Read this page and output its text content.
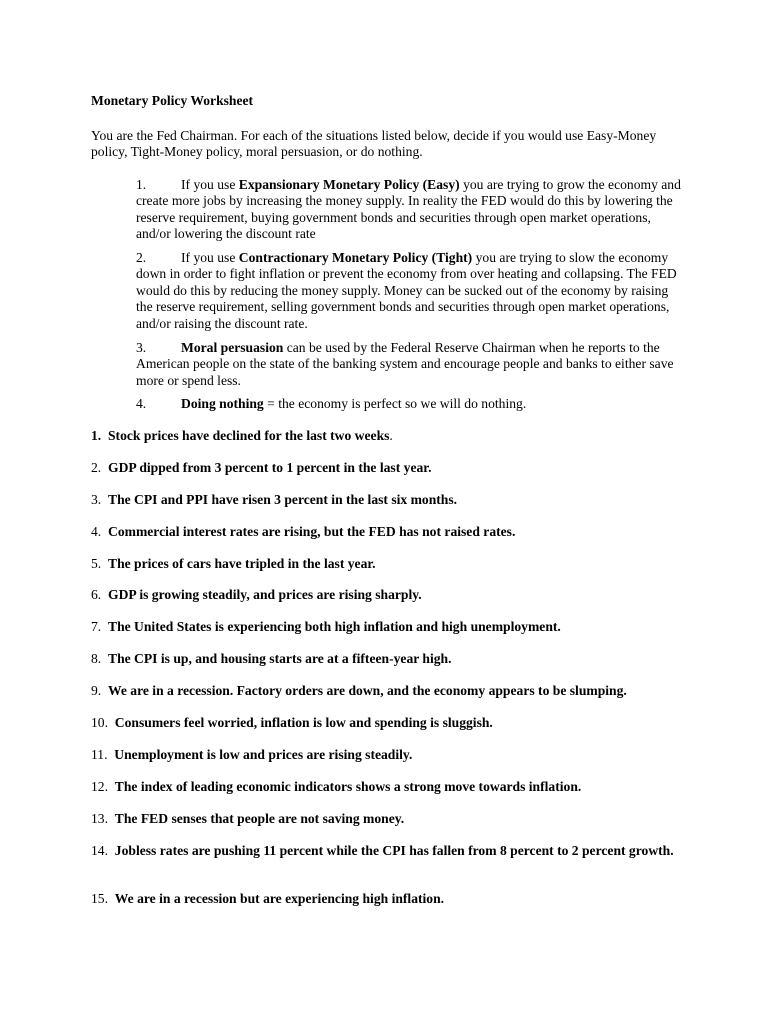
Monetary Policy Worksheet

You are the Fed Chairman. For each of the situations listed below, decide if you would use Easy-Money policy, Tight-Money policy, moral persuasion, or do nothing.

1.	If you use Expansionary Monetary Policy (Easy) you are trying to grow the economy and create more jobs by increasing the money supply. In reality the FED would do this by lowering the reserve requirement, buying government bonds and securities through open market operations, and/or lowering the discount rate

2.	If you use Contractionary Monetary Policy (Tight) you are trying to slow the economy down in order to fight inflation or prevent the economy from over heating and collapsing. The FED would do this by reducing the money supply. Money can be sucked out of the economy by raising the reserve requirement, selling government bonds and securities through open market operations, and/or raising the discount rate.

3.	Moral persuasion can be used by the Federal Reserve Chairman when he reports to the American people on the state of the banking system and encourage people and banks to either save more or spend less.

4.	Doing nothing = the economy is perfect so we will do nothing.

1. Stock prices have declined for the last two weeks.

2. GDP dipped from 3 percent to 1 percent in the last year.

3. The CPI and PPI have risen 3 percent in the last six months.

4. Commercial interest rates are rising, but the FED has not raised rates.

5. The prices of cars have tripled in the last year.

6. GDP is growing steadily, and prices are rising sharply.

7. The United States is experiencing both high inflation and high unemployment.

8. The CPI is up, and housing starts are at a fifteen-year high.

9. We are in a recession. Factory orders are down, and the economy appears to be slumping.

10. Consumers feel worried, inflation is low and spending is sluggish.

11. Unemployment is low and prices are rising steadily.

12. The index of leading economic indicators shows a strong move towards inflation.

13. The FED senses that people are not saving money.

14. Jobless rates are pushing 11 percent while the CPI has fallen from 8 percent to 2 percent growth.

15. We are in a recession but are experiencing high inflation.
